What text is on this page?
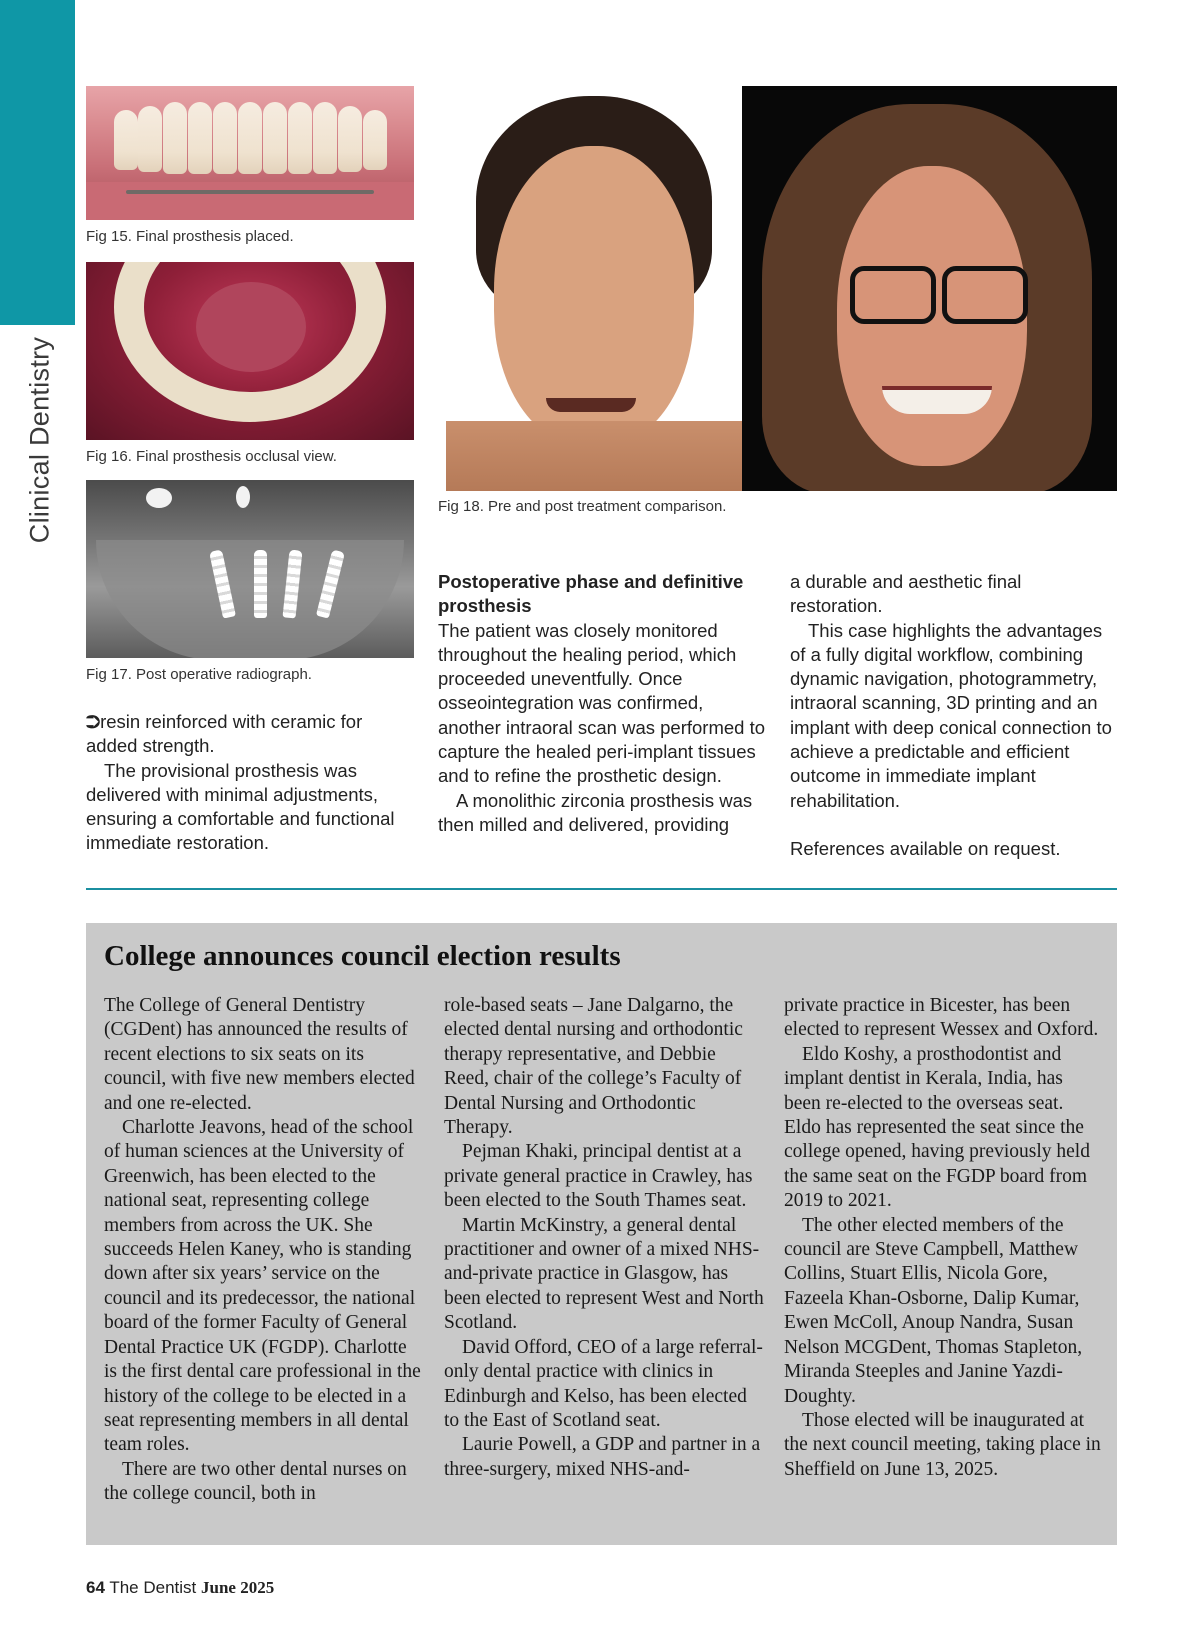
Clinical Dentistry
Fig 15. Final prosthesis placed.
Fig 16. Final prosthesis occlusal view.
Fig 17. Post operative radiograph.
Fig 18. Pre and post treatment comparison.

⮊resin reinforced with ceramic for added strength.

The provisional prosthesis was delivered with minimal adjustments, ensuring a comfortable and functional immediate restoration.

Postoperative phase and definitive prosthesis

The patient was closely monitored throughout the healing period, which proceeded uneventfully. Once osseointegration was confirmed, another intraoral scan was performed to capture the healed peri-implant tissues and to refine the prosthetic design.

A monolithic zirconia prosthesis was then milled and delivered, providing

a durable and aesthetic final restoration.

This case highlights the advantages of a fully digital workflow, combining dynamic navigation, photogrammetry, intraoral scanning, 3D printing and an implant with deep conical connection to achieve a predictable and efficient outcome in immediate implant rehabilitation.

References available on request.

College announces council election results

The College of General Dentistry (CGDent) has announced the results of recent elections to six seats on its council, with five new members elected and one re-elected.

Charlotte Jeavons, head of the school of human sciences at the University of Greenwich, has been elected to the national seat, representing college members from across the UK. She succeeds Helen Kaney, who is standing down after six years’ service on the council and its predecessor, the national board of the former Faculty of General Dental Practice UK (FGDP). Charlotte is the first dental care professional in the history of the college to be elected in a seat representing members in all dental team roles.

There are two other dental nurses on the college council, both in

role-based seats – Jane Dalgarno, the elected dental nursing and orthodontic therapy representative, and Debbie Reed, chair of the college’s Faculty of Dental Nursing and Orthodontic Therapy.

Pejman Khaki, principal dentist at a private general practice in Crawley, has been elected to the South Thames seat.

Martin McKinstry, a general dental practitioner and owner of a mixed NHS-and-private practice in Glasgow, has been elected to represent West and North Scotland.

David Offord, CEO of a large referral-only dental practice with clinics in Edinburgh and Kelso, has been elected to the East of Scotland seat.

Laurie Powell, a GDP and partner in a three-surgery, mixed NHS-and-

private practice in Bicester, has been elected to represent Wessex and Oxford.

Eldo Koshy, a prosthodontist and implant dentist in Kerala, India, has been re-elected to the overseas seat. Eldo has represented the seat since the college opened, having previously held the same seat on the FGDP board from 2019 to 2021.

The other elected members of the council are Steve Campbell, Matthew Collins, Stuart Ellis, Nicola Gore, Fazeela Khan-Osborne, Dalip Kumar, Ewen McColl, Anoup Nandra, Susan Nelson MCGDent, Thomas Stapleton, Miranda Steeples and Janine Yazdi-Doughty.

Those elected will be inaugurated at the next council meeting, taking place in Sheffield on June 13, 2025.

64 The Dentist June 2025
